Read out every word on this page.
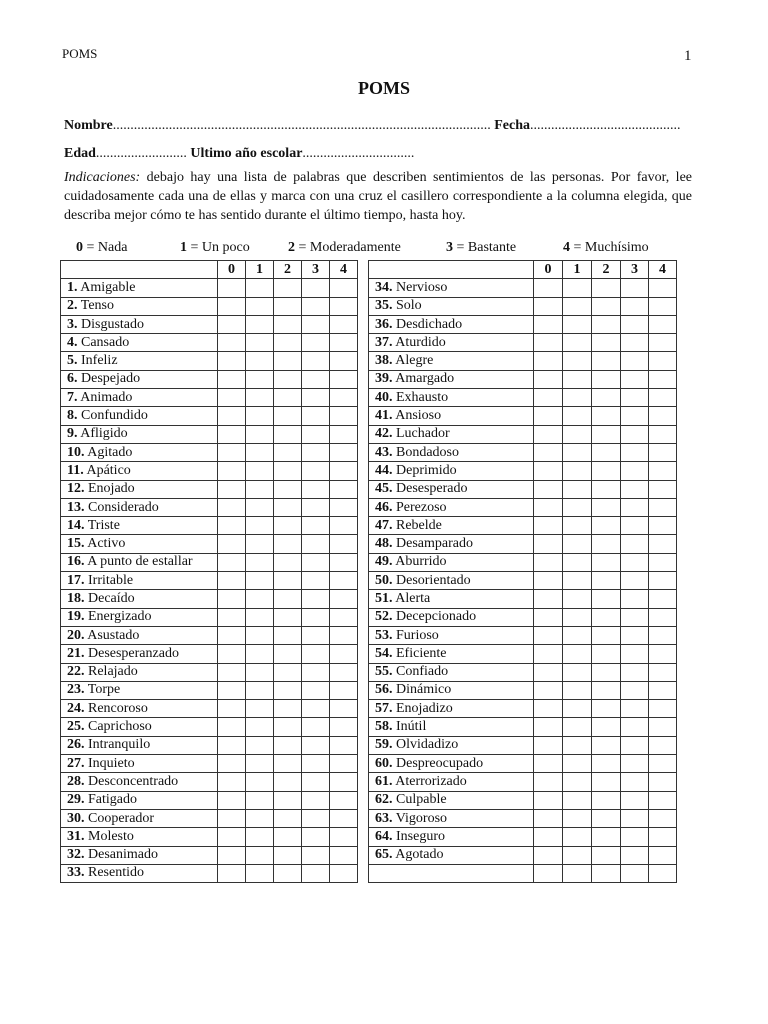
POMS	1
POMS
Nombre............................................................................................................ Fecha...........................................
Edad.......................... Ultimo año escolar................................
Indicaciones: debajo hay una lista de palabras que describen sentimientos de las personas. Por favor, lee cuidadosamente cada una de ellas y marca con una cruz el casillero correspondiente a la columna elegida, que describa mejor cómo te has sentido durante el último tiempo, hasta hoy.
0 = Nada	1 = Un poco	2 = Moderadamente	3 = Bastante	4 = Muchísimo
	0	1	2	3	4
1. Amigable					
2. Tenso					
3. Disgustado					
4. Cansado					
5. Infeliz					
6. Despejado					
7. Animado					
8. Confundido					
9. Afligido					
10. Agitado					
11. Apático					
12. Enojado					
13. Considerado					
14. Triste					
15. Activo					
16. A punto de estallar					
17. Irritable					
18. Decaído					
19. Energizado					
20. Asustado					
21. Desesperanzado					
22. Relajado					
23. Torpe					
24. Rencoroso					
25. Caprichoso					
26. Intranquilo					
27. Inquieto					
28. Desconcentrado					
29. Fatigado					
30. Cooperador					
31. Molesto					
32. Desanimado					
33. Resentido					
	0	1	2	3	4
34. Nervioso					
35. Solo					
36. Desdichado					
37. Aturdido					
38. Alegre					
39. Amargado					
40. Exhausto					
41. Ansioso					
42. Luchador					
43. Bondadoso					
44. Deprimido					
45. Desesperado					
46. Perezoso					
47. Rebelde					
48. Desamparado					
49. Aburrido					
50. Desorientado					
51. Alerta					
52. Decepcionado					
53. Furioso					
54. Eficiente					
55. Confiado					
56. Dinámico					
57. Enojadizo					
58. Inútil					
59. Olvidadizo					
60. Despreocupado					
61. Aterrorizado					
62. Culpable					
63. Vigoroso					
64. Inseguro					
65. Agotado					
